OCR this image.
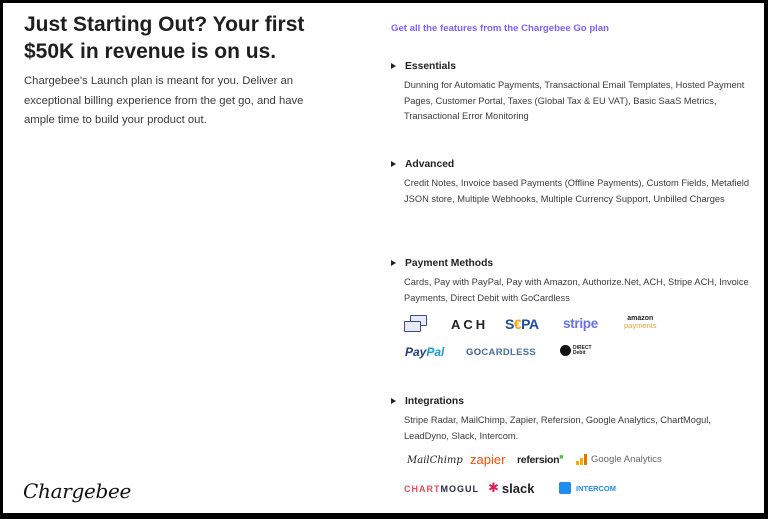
Just Starting Out? Your first $50K in revenue is on us.

Chargebee's Launch plan is meant for you. Deliver an exceptional billing experience from the get go, and have ample time to build your product out.

Chargebee
Get all the features from the Chargebee Go plan
Essentials
Dunning for Automatic Payments, Transactional Email Templates, Hosted Payment Pages, Customer Portal, Taxes (Global Tax & EU VAT), Basic SaaS Metrics, Transactional Error Monitoring
Advanced
Credit Notes, Invoice based Payments (Offline Payments), Custom Fields, Metafield JSON store, Multiple Webhooks, Multiple Currency Support, Unbilled Charges
Payment Methods
Cards, Pay with PayPal, Pay with Amazon, Authorize.Net, ACH, Stripe ACH, Invoice Payments, Direct Debit with GoCardless
Integrations
Stripe Radar, MailChimp, Zapier, Refersion, Google Analytics, ChartMogul, LeadDyno, Slack, Intercom.
ACH S€PA stripe	amazon
payments
PayPal GOCARDLESS	DIRECT
Debit
MailChimp zapier refersion■	Google Analytics
CHARTMOGUL ✱ slack	INTERCOM
